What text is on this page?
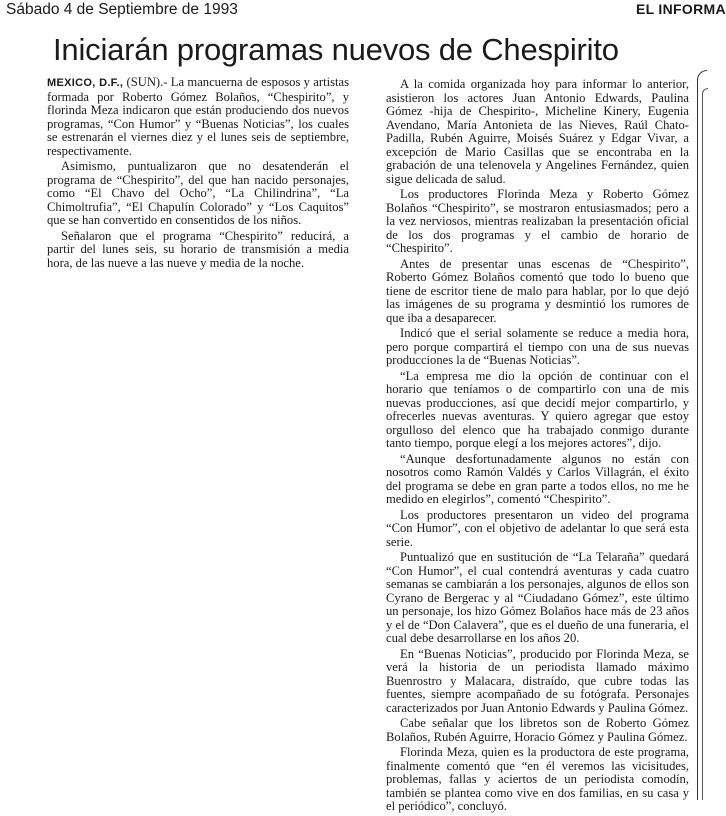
Sábado 4 de Septiembre de 1993	EL INFORMA
Iniciarán programas nuevos de Chespirito

MEXICO, D.F., (SUN).- La mancuerna de esposos y artistas formada por Roberto Gómez Bolaños, “Chespirito”, y florinda Meza indicaron que están produciendo dos nuevos programas, “Con Humor” y “Buenas Noticias”, los cuales se estrenarán el viernes diez y el lunes seis de septiembre, respectivamente.

Asimismo, puntualizaron que no desatenderán el programa de “Chespirito”, del que han nacido personajes, como “El Chavo del Ocho”, “La Chilindrina”, “La Chimoltrufia”, “El Chapulín Colorado” y “Los Caquitos” que se han convertido en consentidos de los niños.

Señalaron que el programa “Chespirito” reducirá, a partir del lunes seis, su horario de transmisión a media hora, de las nueve a las nueve y media de la noche.

A la comida organizada hoy para informar lo anterior, asistieron los actores Juan Antonio Edwards, Paulina Gómez -hija de Chespirito-, Micheline Kinery, Eugenia Avendano, María Antonieta de las Nieves, Raúl Chato-Padilla, Rubén Aguirre, Moisés Suárez y Edgar Vivar, a excepción de Mario Casillas que se encontraba en la grabación de una telenovela y Angelines Fernández, quien sigue delicada de salud.

Los productores Florinda Meza y Roberto Gómez Bolaños “Chespirito”, se mostraron entusiasmados; pero a la vez nerviosos, mientras realizaban la presentación oficial de los dos programas y el cambio de horario de “Chespirito”.

Antes de presentar unas escenas de “Chespirito”, Roberto Gómez Bolaños comentó que todo lo bueno que tiene de escritor tiene de malo para hablar, por lo que dejó las imágenes de su programa y desmintió los rumores de que iba a desaparecer.

Indicó que el serial solamente se reduce a media hora, pero porque compartirá el tiempo con una de sus nuevas producciones la de “Buenas Noticias”.

“La empresa me dio la opción de continuar con el horario que teníamos o de compartirlo con una de mis nuevas producciones, así que decidí mejor compartirlo, y ofrecerles nuevas aventuras. Y quiero agregar que estoy orgulloso del elenco que ha trabajado conmigo durante tanto tiempo, porque elegí a los mejores actores”, dijo.

“Aunque desfortunadamente algunos no están con nosotros como Ramón Valdés y Carlos Villagrán, el éxito del programa se debe en gran parte a todos ellos, no me he medido en elegirlos”, comentó “Chespirito”.

Los productores presentaron un video del programa “Con Humor”, con el objetivo de adelantar lo que será esta serie.

Puntualizó que en sustitución de “La Telaraña” quedará “Con Humor”, el cual contendrá aventuras y cada cuatro semanas se cambiarán a los personajes, algunos de ellos son Cyrano de Bergerac y al “Ciudadano Gómez”, este último un personaje, los hizo Gómez Bolaños hace más de 23 años y el de “Don Calavera”, que es el dueño de una funeraria, el cual debe desarrollarse en los años 20.

En “Buenas Noticias”, producido por Florinda Meza, se verá la historia de un periodista llamado máximo Buenrostro y Malacara, distraído, que cubre todas las fuentes, siempre acompañado de su fotógrafa. Personajes caracterizados por Juan Antonio Edwards y Paulina Gómez.

Cabe señalar que los libretos son de Roberto Gómez Bolaños, Rubén Aguirre, Horacio Gómez y Paulina Gómez.

Florinda Meza, quien es la productora de este programa, finalmente comentó que “en él veremos las vicisitudes, problemas, fallas y aciertos de un periodista comodín, también se plantea como vive en dos familias, en su casa y el periódico”, concluyó.
